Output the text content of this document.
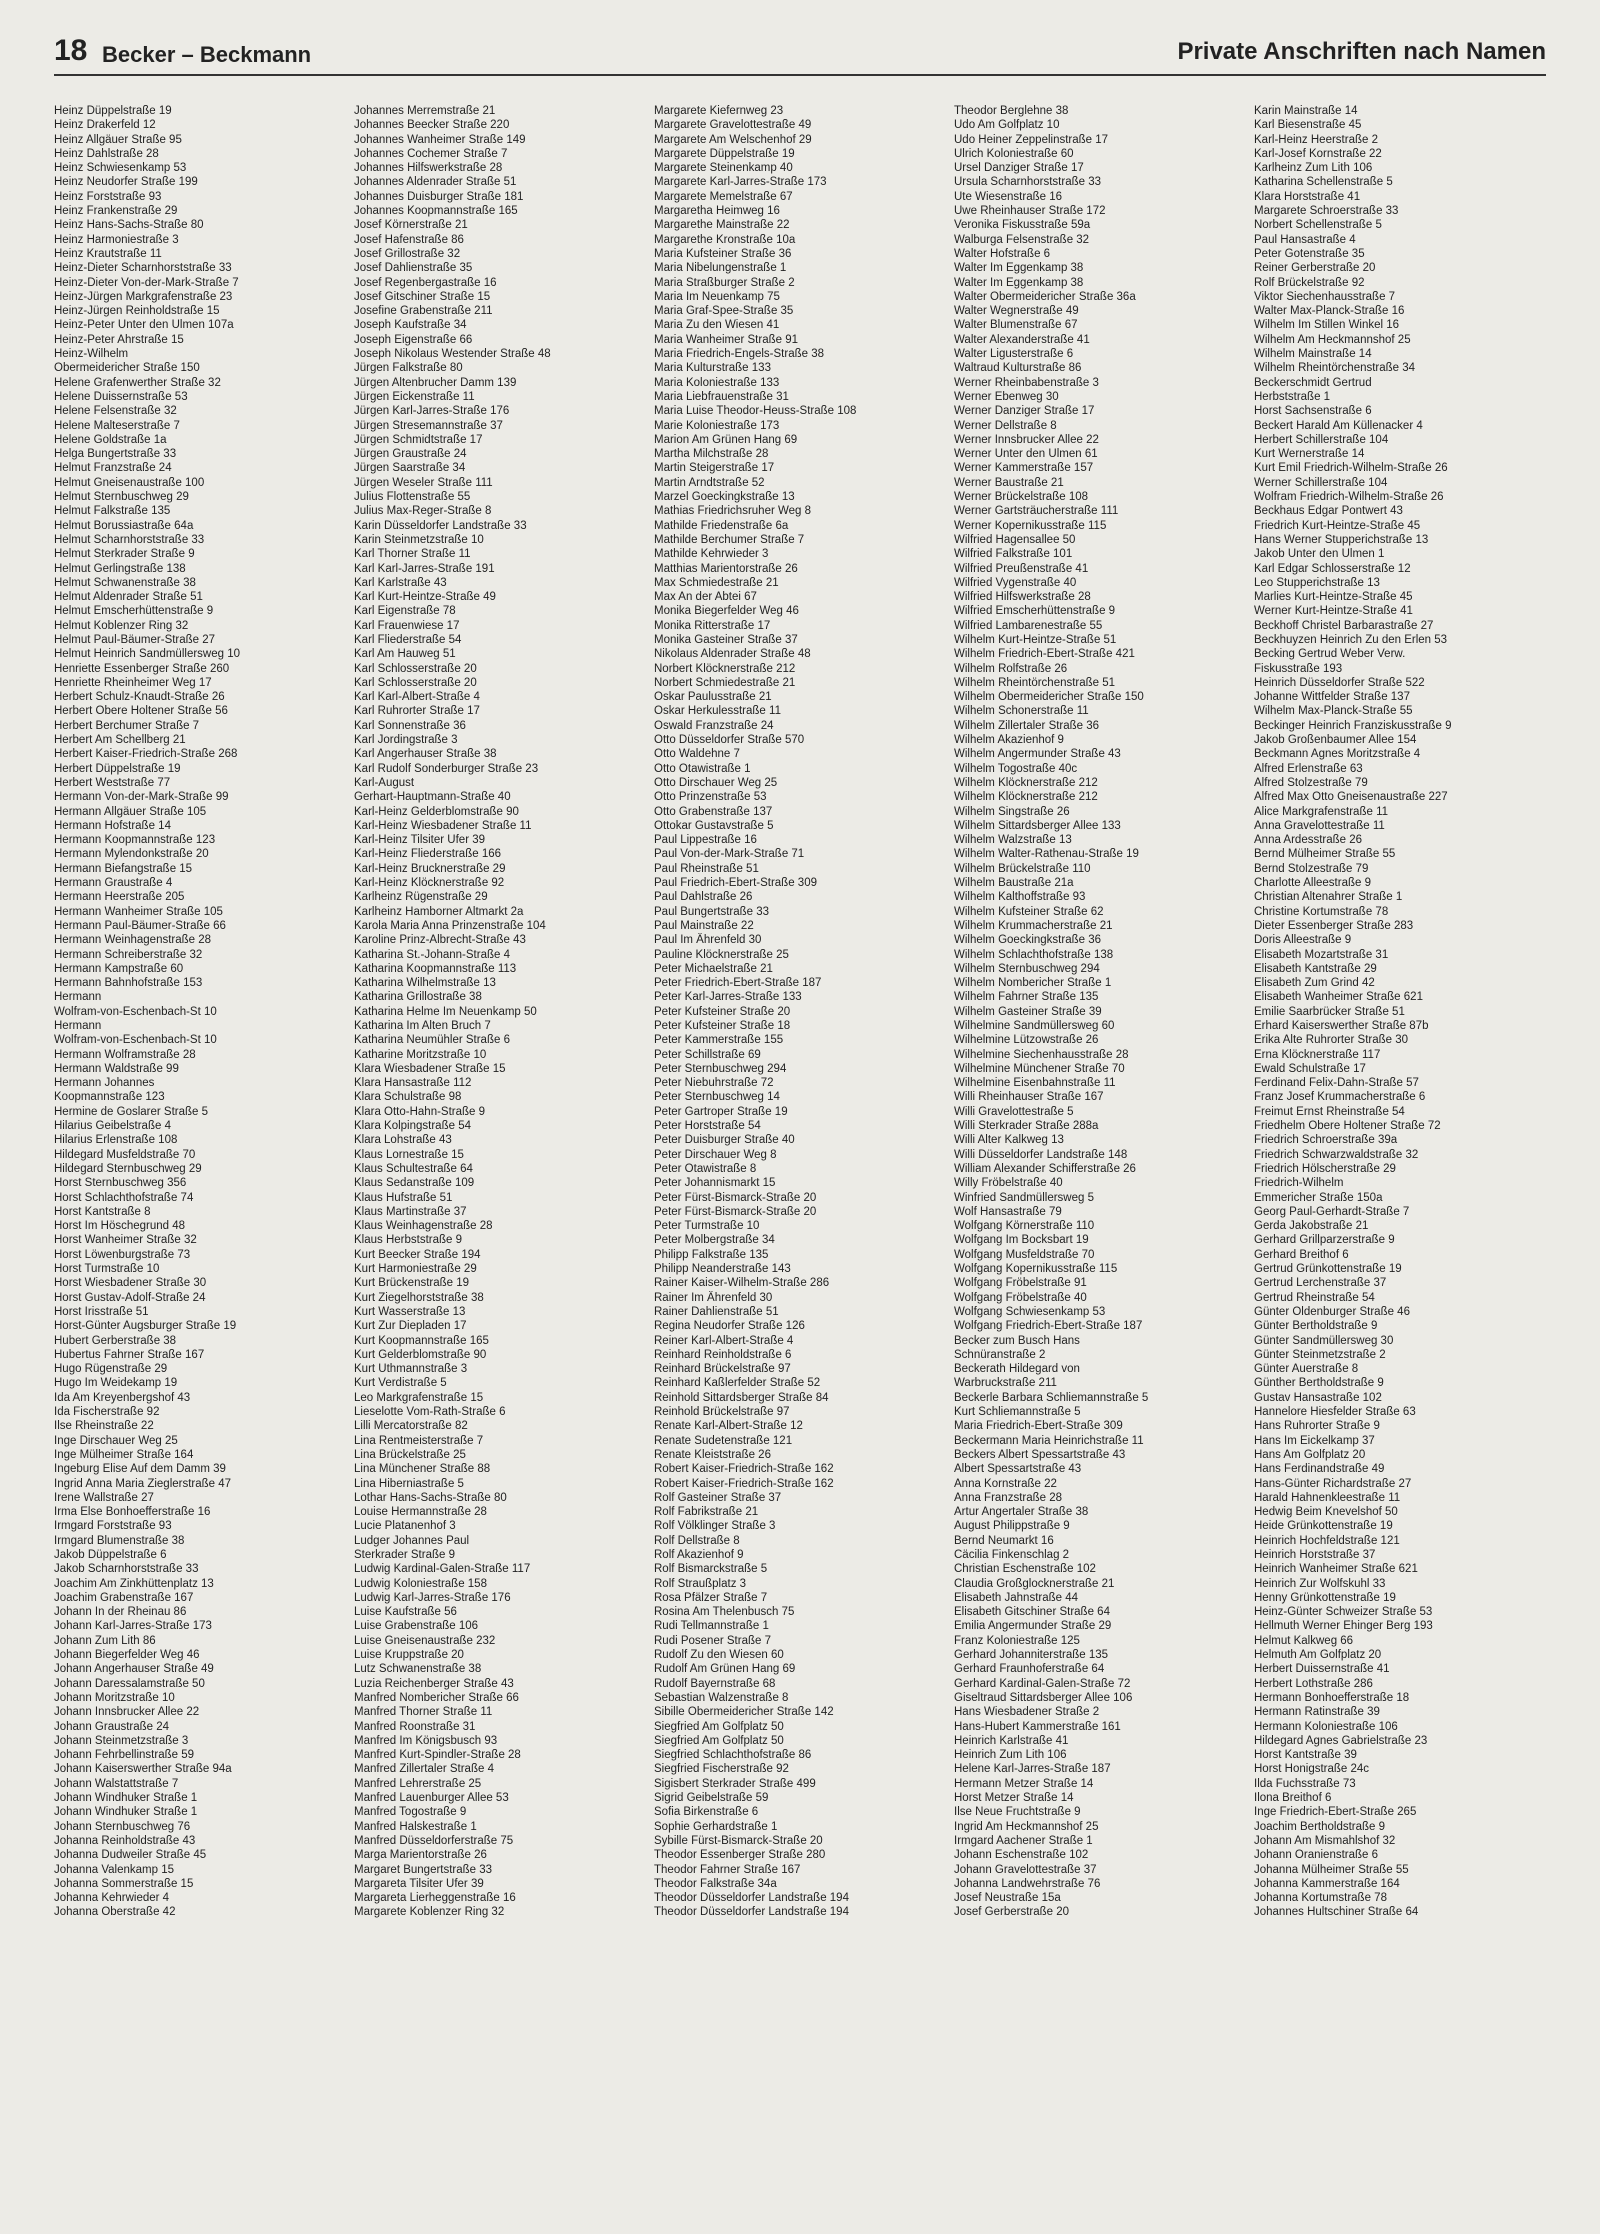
18 Becker – Beckmann	Private Anschriften nach Namen
Heinz Düppelstraße 19
Heinz Drakerfeld 12
Heinz Allgäuer Straße 95
Heinz Dahlstraße 28
Heinz Schwiesenkamp 53
Heinz Neudorfer Straße 199
Heinz Forststraße 93
Heinz Frankenstraße 29
Heinz Hans-Sachs-Straße 80
Heinz Harmoniestraße 3
Heinz Krautstraße 11
Heinz-Dieter Scharnhorststraße 33
Heinz-Dieter Von-der-Mark-Straße 7
Heinz-Jürgen Markgrafenstraße 23
Heinz-Jürgen Reinholdstraße 15
Heinz-Peter Unter den Ulmen 107a
Heinz-Peter Ahrstraße 15
Heinz-Wilhelm
Obermeidericher Straße 150
Helene Grafenwerther Straße 32
Helene Duissernstraße 53
Helene Felsenstraße 32
Helene Malteserstraße 7
Helene Goldstraße 1a
Helga Bungertstraße 33
Helmut Franzstraße 24
Helmut Gneisenaustraße 100
Helmut Sternbuschweg 29
Helmut Falkstraße 135
Helmut Borussiastraße 64a
Helmut Scharnhorststraße 33
Helmut Sterkrader Straße 9
Helmut Gerlingstraße 138
Helmut Schwanenstraße 38
Helmut Aldenrader Straße 51
Helmut Emscherhüttenstraße 9
Helmut Koblenzer Ring 32
Helmut Paul-Bäumer-Straße 27
Helmut Heinrich Sandmüllersweg 10
Henriette Essenberger Straße 260
Henriette Rheinheimer Weg 17
Herbert Schulz-Knaudt-Straße 26
Herbert Obere Holtener Straße 56
Herbert Berchumer Straße 7
Herbert Am Schellberg 21
Herbert Kaiser-Friedrich-Straße 268
Herbert Düppelstraße 19
Herbert Weststraße 77
Hermann Von-der-Mark-Straße 99
Hermann Allgäuer Straße 105
Hermann Hofstraße 14
Hermann Koopmannstraße 123
Hermann Mylendonkstraße 20
Hermann Biefangstraße 15
Hermann Graustraße 4
Hermann Heerstraße 205
Hermann Wanheimer Straße 105
Hermann Paul-Bäumer-Straße 66
Hermann Weinhagenstraße 28
Hermann Schreiberstraße 32
Hermann Kampstraße 60
Hermann Bahnhofstraße 153
Hermann
Wolfram-von-Eschenbach-St 10
Hermann
Wolfram-von-Eschenbach-St 10
Hermann Wolframstraße 28
Hermann Waldstraße 99
Hermann Johannes
Koopmannstraße 123
Hermine de Goslarer Straße 5
Hilarius Geibelstraße 4
Hilarius Erlenstraße 108
Hildegard Musfeldstraße 70
Hildegard Sternbuschweg 29
Horst Sternbuschweg 356
Horst Schlachthofstraße 74
Horst Kantstraße 8
Horst Im Höschegrund 48
Horst Wanheimer Straße 32
Horst Löwenburgstraße 73
Horst Turmstraße 10
Horst Wiesbadener Straße 30
Horst Gustav-Adolf-Straße 24
Horst Irisstraße 51
Horst-Günter Augsburger Straße 19
Hubert Gerberstraße 38
Hubertus Fahrner Straße 167
Hugo Rügenstraße 29
Hugo Im Weidekamp 19
Ida Am Kreyenbergshof 43
Ida Fischerstraße 92
Ilse Rheinstraße 22
Inge Dirschauer Weg 25
Inge Mülheimer Straße 164
Ingeburg Elise Auf dem Damm 39
Ingrid Anna Maria Zieglerstraße 47
Irene Wallstraße 27
Irma Else Bonhoefferstraße 16
Irmgard Forststraße 93
Irmgard Blumenstraße 38
Jakob Düppelstraße 6
Jakob Scharnhorststraße 33
Joachim Am Zinkhüttenplatz 13
Joachim Grabenstraße 167
Johann In der Rheinau 86
Johann Karl-Jarres-Straße 173
Johann Zum Lith 86
Johann Biegerfelder Weg 46
Johann Angerhauser Straße 49
Johann Daressalamstraße 50
Johann Moritzstraße 10
Johann Innsbrucker Allee 22
Johann Graustraße 24
Johann Steinmetzstraße 3
Johann Fehrbellinstraße 59
Johann Kaiserswerther Straße 94a
Johann Walstattstraße 7
Johann Windhuker Straße 1
Johann Windhuker Straße 1
Johann Sternbuschweg 76
Johanna Reinholdstraße 43
Johanna Dudweiler Straße 45
Johanna Valenkamp 15
Johanna Sommerstraße 15
Johanna Kehrwieder 4
Johanna Oberstraße 42
Johannes Merremstraße 21
Johannes Beecker Straße 220
Johannes Wanheimer Straße 149
Johannes Cochemer Straße 7
Johannes Hilfswerkstraße 28
Johannes Aldenrader Straße 51
Johannes Duisburger Straße 181
Johannes Koopmannstraße 165
Josef Körnerstraße 21
Josef Hafenstraße 86
Josef Grillostraße 32
Josef Dahlienstraße 35
Josef Regenbergastraße 16
Josef Gitschiner Straße 15
Josefine Grabenstraße 211
Joseph Kaufstraße 34
Joseph Eigenstraße 66
Joseph Nikolaus Westender Straße 48
Jürgen Falkstraße 80
Jürgen Altenbrucher Damm 139
Jürgen Eickenstraße 11
Jürgen Karl-Jarres-Straße 176
Jürgen Stresemannstraße 37
Jürgen Schmidtstraße 17
Jürgen Graustraße 24
Jürgen Saarstraße 34
Jürgen Weseler Straße 111
Julius Flottenstraße 55
Julius Max-Reger-Straße 8
Karin Düsseldorfer Landstraße 33
Karin Steinmetzstraße 10
Karl Thorner Straße 11
Karl Karl-Jarres-Straße 191
Karl Karlstraße 43
Karl Kurt-Heintze-Straße 49
Karl Eigenstraße 78
Karl Frauenwiese 17
Karl Fliederstraße 54
Karl Am Hauweg 51
Karl Schlosserstraße 20
Karl Schlosserstraße 20
Karl Karl-Albert-Straße 4
Karl Ruhrorter Straße 17
Karl Sonnenstraße 36
Karl Jordingstraße 3
Karl Angerhauser Straße 38
Karl Rudolf Sonderburger Straße 23
Karl-August
Gerhart-Hauptmann-Straße 40
Karl-Heinz Gelderblomstraße 90
Karl-Heinz Wiesbadener Straße 11
Karl-Heinz Tilsiter Ufer 39
Karl-Heinz Fliederstraße 166
Karl-Heinz Brucknerstraße 29
Karl-Heinz Klöcknerstraße 92
Karlheinz Rügenstraße 29
Karlheinz Hamborner Altmarkt 2a
Karola Maria Anna Prinzenstraße 104
Karoline Prinz-Albrecht-Straße 43
Katharina St.-Johann-Straße 4
Katharina Koopmannstraße 113
Katharina Wilhelmstraße 13
Katharina Grillostraße 38
Katharina Helme Im Neuenkamp 50
Katharina Im Alten Bruch 7
Katharina Neumühler Straße 6
Katharine Moritzstraße 10
Klara Wiesbadener Straße 15
Klara Hansastraße 112
Klara Schulstraße 98
Klara Otto-Hahn-Straße 9
Klara Kolpingstraße 54
Klara Lohstraße 43
Klaus Lornestraße 15
Klaus Schultestraße 64
Klaus Sedanstraße 109
Klaus Hufstraße 51
Klaus Martinstraße 37
Klaus Weinhagenstraße 28
Klaus Herbststraße 9
Kurt Beecker Straße 194
Kurt Harmoniestraße 29
Kurt Brückenstraße 19
Kurt Ziegelhorststraße 38
Kurt Wasserstraße 13
Kurt Zur Diepladen 17
Kurt Koopmannstraße 165
Kurt Gelderblomstraße 90
Kurt Uthmannstraße 3
Kurt Verdistraße 5
Leo Markgrafenstraße 15
Lieselotte Vom-Rath-Straße 6
Lilli Mercatorstraße 82
Lina Rentmeisterstraße 7
Lina Brückelstraße 25
Lina Münchener Straße 88
Lina Hiberniastraße 5
Lothar Hans-Sachs-Straße 80
Louise Hermannstraße 28
Lucie Platanenhof 3
Ludger Johannes Paul
Sterkrader Straße 9
Ludwig Kardinal-Galen-Straße 117
Ludwig Koloniestraße 158
Ludwig Karl-Jarres-Straße 176
Luise Kaufstraße 56
Luise Grabenstraße 106
Luise Gneisenaustraße 232
Luise Kruppstraße 20
Lutz Schwanenstraße 38
Luzia Reichenberger Straße 43
Manfred Nombericher Straße 66
Manfred Thorner Straße 11
Manfred Roonstraße 31
Manfred Im Königsbusch 93
Manfred Kurt-Spindler-Straße 28
Manfred Zillertaler Straße 4
Manfred Lehrerstraße 25
Manfred Lauenburger Allee 53
Manfred Togostraße 9
Manfred Halskestraße 1
Manfred Düsseldorferstraße 75
Marga Marientorstraße 26
Margaret Bungertstraße 33
Margareta Tilsiter Ufer 39
Margareta Lierheggenstraße 16
Margarete Koblenzer Ring 32
Margarete Kiefernweg 23
Margarete Gravelottestraße 49
Margarete Am Welschenhof 29
Margarete Düppelstraße 19
Margarete Steinenkamp 40
Margarete Karl-Jarres-Straße 173
Margarete Memelstraße 67
Margaretha Heimweg 16
Margarethe Mainstraße 22
Margarethe Kronstraße 10a
Maria Kufsteiner Straße 36
Maria Nibelungenstraße 1
Maria Straßburger Straße 2
Maria Im Neuenkamp 75
Maria Graf-Spee-Straße 35
Maria Zu den Wiesen 41
Maria Wanheimer Straße 91
Maria Friedrich-Engels-Straße 38
Maria Kulturstraße 133
Maria Koloniestraße 133
Maria Liebfrauenstraße 31
Maria Luise Theodor-Heuss-Straße 108
Marie Koloniestraße 173
Marion Am Grünen Hang 69
Martha Milchstraße 28
Martin Steigerstraße 17
Martin Arndtstraße 52
Marzel Goeckingkstraße 13
Mathias Friedrichsruher Weg 8
Mathilde Friedenstraße 6a
Mathilde Berchumer Straße 7
Mathilde Kehrwieder 3
Matthias Marientorstraße 26
Max Schmiedestraße 21
Max An der Abtei 67
Monika Biegerfelder Weg 46
Monika Ritterstraße 17
Monika Gasteiner Straße 37
Nikolaus Aldenrader Straße 48
Norbert Klöcknerstraße 212
Norbert Schmiedestraße 21
Oskar Paulusstraße 21
Oskar Herkulesstraße 11
Oswald Franzstraße 24
Otto Düsseldorfer Straße 570
Otto Waldehne 7
Otto Otawistraße 1
Otto Dirschauer Weg 25
Otto Prinzenstraße 53
Otto Grabenstraße 137
Ottokar Gustavstraße 5
Paul Lippestraße 16
Paul Von-der-Mark-Straße 71
Paul Rheinstraße 51
Paul Friedrich-Ebert-Straße 309
Paul Dahlstraße 26
Paul Bungertstraße 33
Paul Mainstraße 22
Paul Im Ährenfeld 30
Pauline Klöcknerstraße 25
Peter Michaelstraße 21
Peter Friedrich-Ebert-Straße 187
Peter Karl-Jarres-Straße 133
Peter Kufsteiner Straße 20
Peter Kufsteiner Straße 18
Peter Kammerstraße 155
Peter Schillstraße 69
Peter Sternbuschweg 294
Peter Niebuhrstraße 72
Peter Sternbuschweg 14
Peter Gartroper Straße 19
Peter Horststraße 54
Peter Duisburger Straße 40
Peter Dirschauer Weg 8
Peter Otawistraße 8
Peter Johannismarkt 15
Peter Fürst-Bismarck-Straße 20
Peter Fürst-Bismarck-Straße 20
Peter Turmstraße 10
Peter Molbergstraße 34
Philipp Falkstraße 135
Philipp Neanderstraße 143
Rainer Kaiser-Wilhelm-Straße 286
Rainer Im Ährenfeld 30
Rainer Dahlienstraße 51
Regina Neudorfer Straße 126
Reiner Karl-Albert-Straße 4
Reinhard Reinholdstraße 6
Reinhard Brückelstraße 97
Reinhard Kaßlerfelder Straße 52
Reinhold Sittardsberger Straße 84
Reinhold Brückelstraße 97
Renate Karl-Albert-Straße 12
Renate Sudetenstraße 121
Renate Kleiststraße 26
Robert Kaiser-Friedrich-Straße 162
Robert Kaiser-Friedrich-Straße 162
Rolf Gasteiner Straße 37
Rolf Fabrikstraße 21
Rolf Völklinger Straße 3
Rolf Dellstraße 8
Rolf Akazienhof 9
Rolf Bismarckstraße 5
Rolf Straußplatz 3
Rosa Pfälzer Straße 7
Rosina Am Thelenbusch 75
Rudi Tellmannstraße 1
Rudi Posener Straße 7
Rudolf Zu den Wiesen 60
Rudolf Am Grünen Hang 69
Rudolf Bayernstraße 68
Sebastian Walzenstraße 8
Sibille Obermeidericher Straße 142
Siegfried Am Golfplatz 50
Siegfried Am Golfplatz 50
Siegfried Schlachthofstraße 86
Siegfried Fischerstraße 92
Sigisbert Sterkrader Straße 499
Sigrid Geibelstraße 59
Sofia Birkenstraße 6
Sophie Gerhardstraße 1
Sybille Fürst-Bismarck-Straße 20
Theodor Essenberger Straße 280
Theodor Fahrner Straße 167
Theodor Falkstraße 34a
Theodor Düsseldorfer Landstraße 194
Theodor Düsseldorfer Landstraße 194
Theodor Berglehne 38
Udo Am Golfplatz 10
Udo Heiner Zeppelinstraße 17
Ulrich Koloniestraße 60
Ursel Danziger Straße 17
Ursula Scharnhorststraße 33
Ute Wiesenstraße 16
Uwe Rheinhauser Straße 172
Veronika Fiskusstraße 59a
Walburga Felsenstraße 32
Walter Hofstraße 6
Walter Im Eggenkamp 38
Walter Im Eggenkamp 38
Walter Obermeidericher Straße 36a
Walter Wegnerstraße 49
Walter Blumenstraße 67
Walter Alexanderstraße 41
Walter Ligusterstraße 6
Waltraud Kulturstraße 86
Werner Rheinbabenstraße 3
Werner Ebenweg 30
Werner Danziger Straße 17
Werner Dellstraße 8
Werner Innsbrucker Allee 22
Werner Unter den Ulmen 61
Werner Kammerstraße 157
Werner Baustraße 21
Werner Brückelstraße 108
Werner Gartsträucherstraße 111
Werner Kopernikusstraße 115
Wilfried Hagensallee 50
Wilfried Falkstraße 101
Wilfried Preußenstraße 41
Wilfried Vygenstraße 40
Wilfried Hilfswerkstraße 28
Wilfried Emscherhüttenstraße 9
Wilfried Lambarenestraße 55
Wilhelm Kurt-Heintze-Straße 51
Wilhelm Friedrich-Ebert-Straße 421
Wilhelm Rolfstraße 26
Wilhelm Rheintörchenstraße 51
Wilhelm Obermeidericher Straße 150
Wilhelm Schonerstraße 11
Wilhelm Zillertaler Straße 36
Wilhelm Akazienhof 9
Wilhelm Angermunder Straße 43
Wilhelm Togostraße 40c
Wilhelm Klöcknerstraße 212
Wilhelm Klöcknerstraße 212
Wilhelm Singstraße 26
Wilhelm Sittardsberger Allee 133
Wilhelm Walzstraße 13
Wilhelm Walter-Rathenau-Straße 19
Wilhelm Brückelstraße 110
Wilhelm Baustraße 21a
Wilhelm Kalthoffstraße 93
Wilhelm Kufsteiner Straße 62
Wilhelm Krummacherstraße 21
Wilhelm Goeckingkstraße 36
Wilhelm Schlachthofstraße 138
Wilhelm Sternbuschweg 294
Wilhelm Nombericher Straße 1
Wilhelm Fahrner Straße 135
Wilhelm Gasteiner Straße 39
Wilhelmine Sandmüllersweg 60
Wilhelmine Lützowstraße 26
Wilhelmine Siechenhausstraße 28
Wilhelmine Münchener Straße 70
Wilhelmine Eisenbahnstraße 11
Willi Rheinhauser Straße 167
Willi Gravelottestraße 5
Willi Sterkrader Straße 288a
Willi Alter Kalkweg 13
Willi Düsseldorfer Landstraße 148
William Alexander Schifferstraße 26
Willy Fröbelstraße 40
Winfried Sandmüllersweg 5
Wolf Hansastraße 79
Wolfgang Körnerstraße 110
Wolfgang Im Bocksbart 19
Wolfgang Musfeldstraße 70
Wolfgang Kopernikusstraße 115
Wolfgang Fröbelstraße 91
Wolfgang Fröbelstraße 40
Wolfgang Schwiesenkamp 53
Wolfgang Friedrich-Ebert-Straße 187
Becker zum Busch Hans
Schnüranstraße 2
Beckerath Hildegard von
Warbruckstraße 211
Beckerle Barbara Schliemannstraße 5
Kurt Schliemannstraße 5
Maria Friedrich-Ebert-Straße 309
Beckermann Maria Heinrichstraße 11
Beckers Albert Spessartstraße 43
Albert Spessartstraße 43
Anna Kornstraße 22
Anna Franzstraße 28
Artur Angertaler Straße 38
August Philippstraße 9
Bernd Neumarkt 16
Cäcilia Finkenschlag 2
Christian Eschenstraße 102
Claudia Großglocknerstraße 21
Elisabeth Jahnstraße 44
Elisabeth Gitschiner Straße 64
Emilia Angermunder Straße 29
Franz Koloniestraße 125
Gerhard Johanniterstraße 135
Gerhard Fraunhoferstraße 64
Gerhard Kardinal-Galen-Straße 72
Giseltraud Sittardsberger Allee 106
Hans Wiesbadener Straße 2
Hans-Hubert Kammerstraße 161
Heinrich Karlstraße 41
Heinrich Zum Lith 106
Helene Karl-Jarres-Straße 187
Hermann Metzer Straße 14
Horst Metzer Straße 14
Ilse Neue Fruchtstraße 9
Ingrid Am Heckmannshof 25
Irmgard Aachener Straße 1
Johann Eschenstraße 102
Johann Gravelottestraße 37
Johanna Landwehrstraße 76
Josef Neustraße 15a
Josef Gerberstraße 20
Karin Mainstraße 14
Karl Biesenstraße 45
Karl-Heinz Heerstraße 2
Karl-Josef Kornstraße 22
Karlheinz Zum Lith 106
Katharina Schellenstraße 5
Klara Horststraße 41
Margarete Schroerstraße 33
Norbert Schellenstraße 5
Paul Hansastraße 4
Peter Gotenstraße 35
Reiner Gerberstraße 20
Rolf Brückelstraße 92
Viktor Siechenhausstraße 7
Walter Max-Planck-Straße 16
Wilhelm Im Stillen Winkel 16
Wilhelm Am Heckmannshof 25
Wilhelm Mainstraße 14
Wilhelm Rheintörchenstraße 34
Beckerschmidt Gertrud
Herbststraße 1
Horst Sachsenstraße 6
Beckert Harald Am Küllenacker 4
Herbert Schillerstraße 104
Kurt Wernerstraße 14
Kurt Emil Friedrich-Wilhelm-Straße 26
Werner Schillerstraße 104
Wolfram Friedrich-Wilhelm-Straße 26
Beckhaus Edgar Pontwert 43
Friedrich Kurt-Heintze-Straße 45
Hans Werner Stupperichstraße 13
Jakob Unter den Ulmen 1
Karl Edgar Schlosserstraße 12
Leo Stupperichstraße 13
Marlies Kurt-Heintze-Straße 45
Werner Kurt-Heintze-Straße 41
Beckhoff Christel Barbarastraße 27
Beckhuyzen Heinrich Zu den Erlen 53
Becking Gertrud Weber Verw.
Fiskusstraße 193
Heinrich Düsseldorfer Straße 522
Johanne Wittfelder Straße 137
Wilhelm Max-Planck-Straße 55
Beckinger Heinrich Franziskusstraße 9
Jakob Großenbaumer Allee 154
Beckmann Agnes Moritzstraße 4
Alfred Erlenstraße 63
Alfred Stolzestraße 79
Alfred Max Otto Gneisenaustraße 227
Alice Markgrafenstraße 11
Anna Gravelottestraße 11
Anna Ardesstraße 26
Bernd Mülheimer Straße 55
Bernd Stolzestraße 79
Charlotte Alleestraße 9
Christian Altenahrer Straße 1
Christine Kortumstraße 78
Dieter Essenberger Straße 283
Doris Alleestraße 9
Elisabeth Mozartstraße 31
Elisabeth Kantstraße 29
Elisabeth Zum Grind 42
Elisabeth Wanheimer Straße 621
Emilie Saarbrücker Straße 51
Erhard Kaiserswerther Straße 87b
Erika Alte Ruhrorter Straße 30
Erna Klöcknerstraße 117
Ewald Schulstraße 17
Ferdinand Felix-Dahn-Straße 57
Franz Josef Krummacherstraße 6
Freimut Ernst Rheinstraße 54
Friedhelm Obere Holtener Straße 72
Friedrich Schroerstraße 39a
Friedrich Schwarzwaldstraße 32
Friedrich Hölscherstraße 29
Friedrich-Wilhelm
Emmericher Straße 150a
Georg Paul-Gerhardt-Straße 7
Gerda Jakobstraße 21
Gerhard Grillparzerstraße 9
Gerhard Breithof 6
Gertrud Grünkottenstraße 19
Gertrud Lerchenstraße 37
Gertrud Rheinstraße 54
Günter Oldenburger Straße 46
Günter Bertholdstraße 9
Günter Sandmüllersweg 30
Günter Steinmetzstraße 2
Günter Auerstraße 8
Günther Bertholdstraße 9
Gustav Hansastraße 102
Hannelore Hiesfelder Straße 63
Hans Ruhrorter Straße 9
Hans Im Eickelkamp 37
Hans Am Golfplatz 20
Hans Ferdinandstraße 49
Hans-Günter Richardstraße 27
Harald Hahnenkleestraße 11
Hedwig Beim Knevelshof 50
Heide Grünkottenstraße 19
Heinrich Hochfeldstraße 121
Heinrich Horststraße 37
Heinrich Wanheimer Straße 621
Heinrich Zur Wolfskuhl 33
Henny Grünkottenstraße 19
Heinz-Günter Schweizer Straße 53
Hellmuth Werner Ehinger Berg 193
Helmut Kalkweg 66
Helmuth Am Golfplatz 20
Herbert Duissernstraße 41
Herbert Lothstraße 286
Hermann Bonhoefferstraße 18
Hermann Ratinstraße 39
Hermann Koloniestraße 106
Hildegard Agnes Gabrielstraße 23
Horst Kantstraße 39
Horst Honigstraße 24c
Ilda Fuchsstraße 73
Ilona Breithof 6
Inge Friedrich-Ebert-Straße 265
Joachim Bertholdstraße 9
Johann Am Mismahlshof 32
Johann Oranienstraße 6
Johanna Mülheimer Straße 55
Johanna Kammerstraße 164
Johanna Kortumstraße 78
Johannes Hultschiner Straße 64
